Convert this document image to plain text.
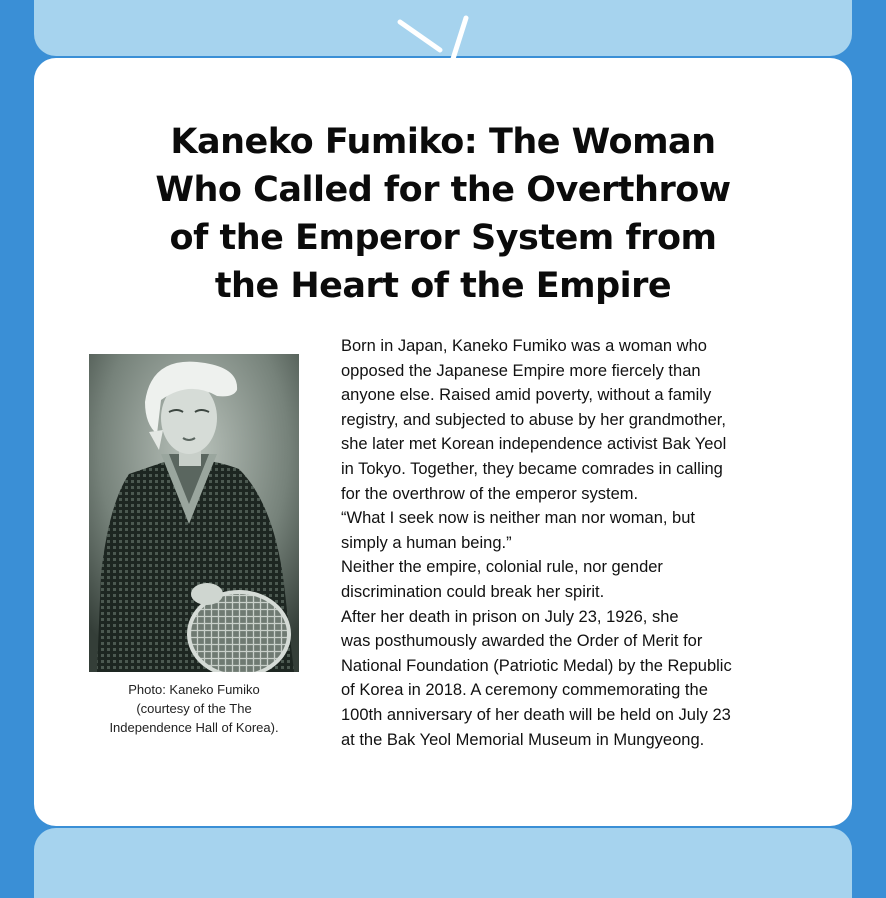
Kaneko Fumiko: The Woman
Who Called for the Overthrow
of the Emperor System from
the Heart of the Empire
Photo: Kaneko Fumiko
(courtesy of the The
Independence Hall of Korea).
Born in Japan, Kaneko Fumiko was a woman who
opposed the Japanese Empire more fiercely than
anyone else. Raised amid poverty, without a family
registry, and subjected to abuse by her grandmother,
she later met Korean independence activist Bak Yeol
in Tokyo. Together, they became comrades in calling
for the overthrow of the emperor system.
“What I seek now is neither man nor woman, but
simply a human being.”
Neither the empire, colonial rule, nor gender
discrimination could break her spirit.
After her death in prison on July 23, 1926, she
was posthumously awarded the Order of Merit for
National Foundation (Patriotic Medal) by the Republic
of Korea in 2018. A ceremony commemorating the
100th anniversary of her death will be held on July 23
at the Bak Yeol Memorial Museum in Mungyeong.
